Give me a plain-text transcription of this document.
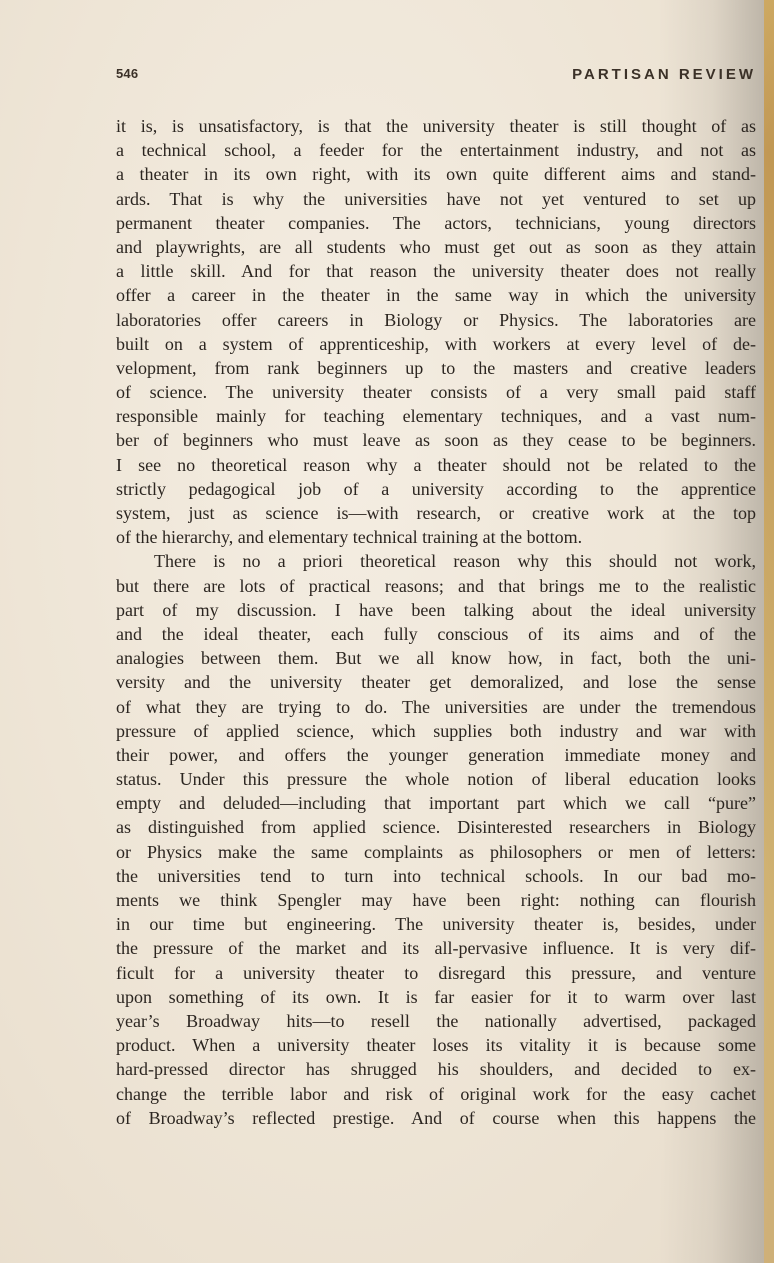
546	PARTISAN REVIEW
it is, is unsatisfactory, is that the university theater is still thought of as
a technical school, a feeder for the entertainment industry, and not as
a theater in its own right, with its own quite different aims and stand-
ards. That is why the universities have not yet ventured to set up
permanent theater companies. The actors, technicians, young directors
and playwrights, are all students who must get out as soon as they attain
a little skill. And for that reason the university theater does not really
offer a career in the theater in the same way in which the university
laboratories offer careers in Biology or Physics. The laboratories are
built on a system of apprenticeship, with workers at every level of de-
velopment, from rank beginners up to the masters and creative leaders
of science. The university theater consists of a very small paid staff
responsible mainly for teaching elementary techniques, and a vast num-
ber of beginners who must leave as soon as they cease to be beginners.
I see no theoretical reason why a theater should not be related to the
strictly pedagogical job of a university according to the apprentice
system, just as science is—with research, or creative work at the top
of the hierarchy, and elementary technical training at the bottom.
There is no a priori theoretical reason why this should not work,
but there are lots of practical reasons; and that brings me to the realistic
part of my discussion. I have been talking about the ideal university
and the ideal theater, each fully conscious of its aims and of the
analogies between them. But we all know how, in fact, both the uni-
versity and the university theater get demoralized, and lose the sense
of what they are trying to do. The universities are under the tremendous
pressure of applied science, which supplies both industry and war with
their power, and offers the younger generation immediate money and
status. Under this pressure the whole notion of liberal education looks
empty and deluded—including that important part which we call “pure”
as distinguished from applied science. Disinterested researchers in Biology
or Physics make the same complaints as philosophers or men of letters:
the universities tend to turn into technical schools. In our bad mo-
ments we think Spengler may have been right: nothing can flourish
in our time but engineering. The university theater is, besides, under
the pressure of the market and its all-pervasive influence. It is very dif-
ficult for a university theater to disregard this pressure, and venture
upon something of its own. It is far easier for it to warm over last
year’s Broadway hits—to resell the nationally advertised, packaged
product. When a university theater loses its vitality it is because some
hard-pressed director has shrugged his shoulders, and decided to ex-
change the terrible labor and risk of original work for the easy cachet
of Broadway’s reflected prestige. And of course when this happens the
